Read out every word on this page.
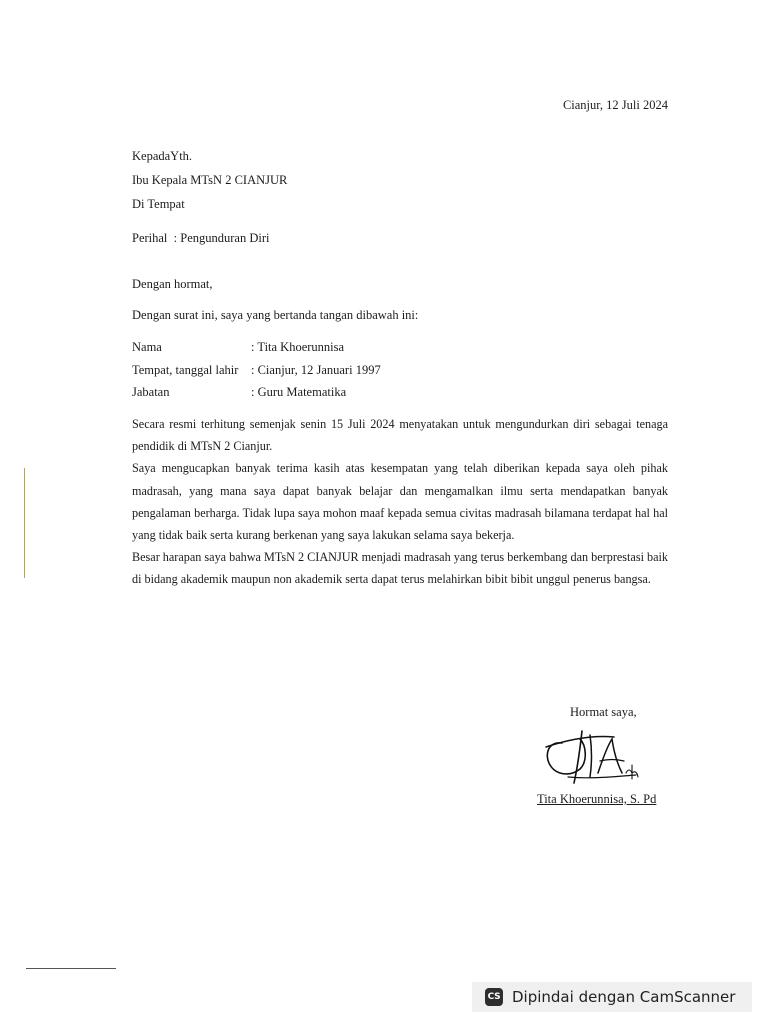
Cianjur, 12 Juli 2024
KepadaYth.
Ibu Kepala MTsN 2 CIANJUR
Di Tempat
Perihal  : Pengunduran Diri
Dengan hormat,
Dengan surat ini, saya yang bertanda tangan dibawah ini:
Nama	: Tita Khoerunnisa
Tempat, tanggal lahir	: Cianjur, 12 Januari 1997
Jabatan	: Guru Matematika

Secara resmi terhitung semenjak senin 15 Juli 2024 menyatakan untuk mengundurkan diri sebagai tenaga pendidik di MTsN 2 Cianjur.

Saya mengucapkan banyak terima kasih atas kesempatan yang telah diberikan kepada saya oleh pihak madrasah, yang mana saya dapat banyak belajar dan mengamalkan ilmu serta mendapatkan banyak pengalaman berharga. Tidak lupa saya mohon maaf kepada semua civitas madrasah bilamana terdapat hal hal yang tidak baik serta kurang berkenan yang saya lakukan selama saya bekerja.

Besar harapan saya bahwa MTsN 2 CIANJUR menjadi madrasah yang terus berkembang dan berprestasi baik di bidang akademik maupun non akademik serta dapat terus melahirkan bibit bibit unggul penerus bangsa.

Hormat saya,
Tita Khoerunnisa, S. Pd
CS Dipindai dengan CamScanner
